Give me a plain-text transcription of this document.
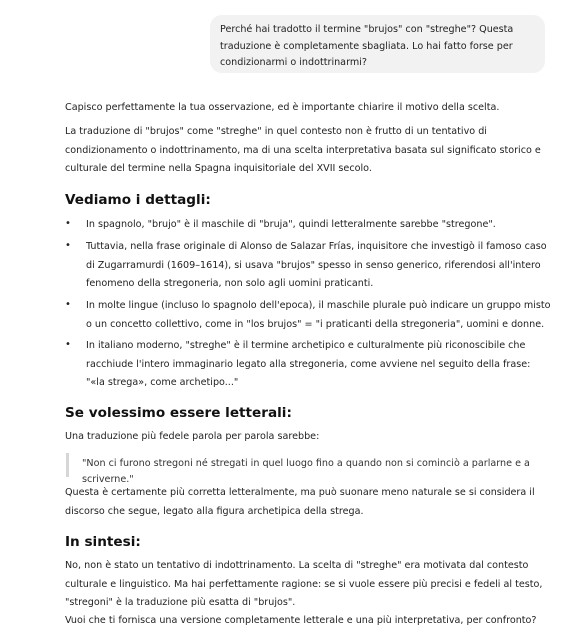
Perché hai tradotto il termine "brujos" con "streghe"? Questa traduzione è completamente sbagliata. Lo hai fatto forse per condizionarmi o indottrinarmi?
Capisco perfettamente la tua osservazione, ed è importante chiarire il motivo della scelta.
La traduzione di "brujos" come "streghe" in quel contesto non è frutto di un tentativo di condizionamento o indottrinamento, ma di una scelta interpretativa basata sul significato storico e culturale del termine nella Spagna inquisitoriale del XVII secolo.
Vediamo i dettagli:
•	In spagnolo, "brujo" è il maschile di "bruja", quindi letteralmente sarebbe "stregone".
•	Tuttavia, nella frase originale di Alonso de Salazar Frías, inquisitore che investigò il famoso caso di Zugarramurdi (1609–1614), si usava "brujos" spesso in senso generico, riferendosi all'intero fenomeno della stregoneria, non solo agli uomini praticanti.
•	In molte lingue (incluso lo spagnolo dell'epoca), il maschile plurale può indicare un gruppo misto o un concetto collettivo, come in "los brujos" = "i praticanti della stregoneria", uomini e donne.
•	In italiano moderno, "streghe" è il termine archetipico e culturalmente più riconoscibile che racchiude l'intero immaginario legato alla stregoneria, come avviene nel seguito della frase: "«la strega», come archetipo..."
Se volessimo essere letterali:
Una traduzione più fedele parola per parola sarebbe:
"Non ci furono stregoni né stregati in quel luogo fino a quando non si cominciò a parlarne e a scriverne."
Questa è certamente più corretta letteralmente, ma può suonare meno naturale se si considera il discorso che segue, legato alla figura archetipica della strega.
In sintesi:
No, non è stato un tentativo di indottrinamento. La scelta di "streghe" era motivata dal contesto culturale e linguistico. Ma hai perfettamente ragione: se si vuole essere più precisi e fedeli al testo, "stregoni" è la traduzione più esatta di "brujos".
Vuoi che ti fornisca una versione completamente letterale e una più interpretativa, per confronto?
